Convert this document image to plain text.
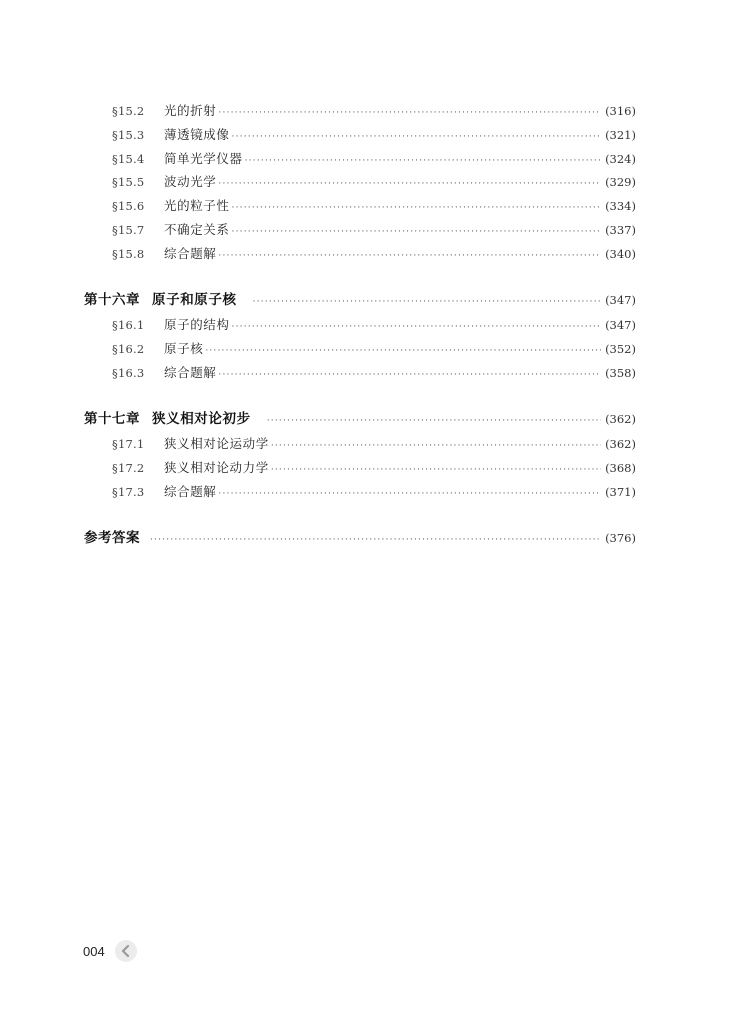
§15.2	光的折射 ·····	(316)
§15.3	薄透镜成像 ·····	(321)
§15.4	简单光学仪器 ·····	(324)
§15.5	波动光学 ·····	(329)
§15.6	光的粒子性 ·····	(334)
§15.7	不确定关系 ·····	(337)
§15.8	综合题解 ·····	(340)
第十六章 原子和原子核 ·····	(347)
§16.1	原子的结构 ·····	(347)
§16.2	原子核 ·····	(352)
§16.3	综合题解 ·····	(358)
第十七章 狭义相对论初步 ·····	(362)
§17.1	狭义相对论运动学 ·····	(362)
§17.2	狭义相对论动力学 ·····	(368)
§17.3	综合题解 ·····	(371)
参考答案 ·····	(376)
004
